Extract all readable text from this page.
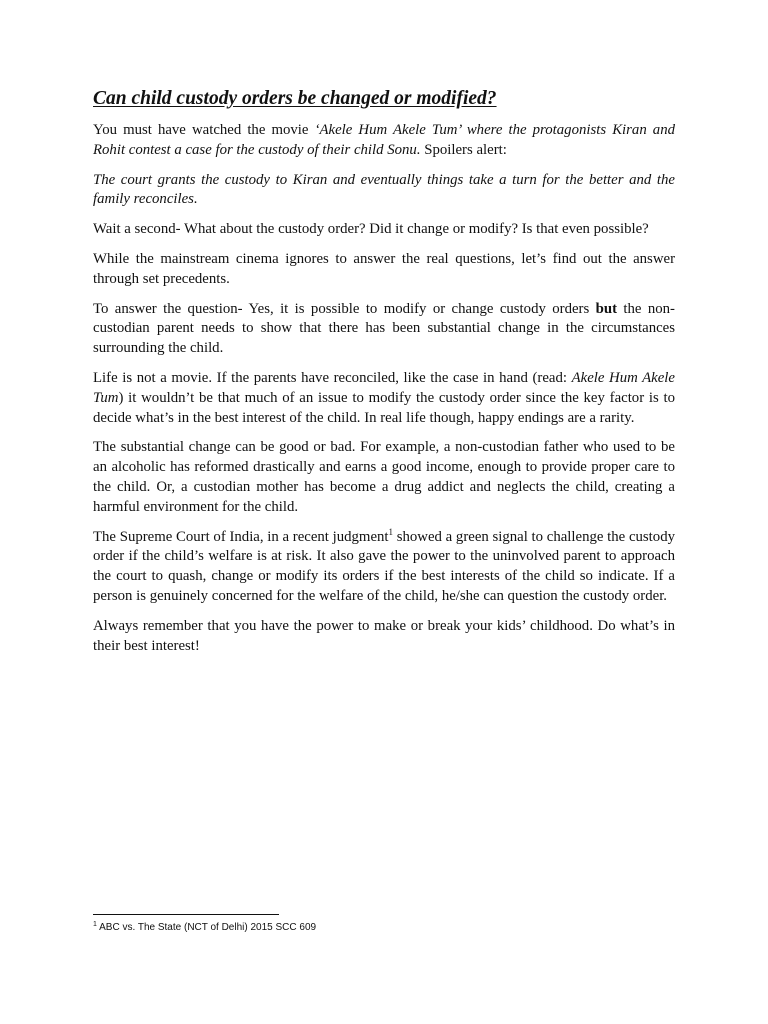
Can child custody orders be changed or modified?

You must have watched the movie ‘Akele Hum Akele Tum’ where the protagonists Kiran and Rohit contest a case for the custody of their child Sonu. Spoilers alert:

The court grants the custody to Kiran and eventually things take a turn for the better and the family reconciles.

Wait a second- What about the custody order? Did it change or modify? Is that even possible?

While the mainstream cinema ignores to answer the real questions, let’s find out the answer through set precedents.

To answer the question- Yes, it is possible to modify or change custody orders but the non-custodian parent needs to show that there has been substantial change in the circumstances surrounding the child.

Life is not a movie. If the parents have reconciled, like the case in hand (read: Akele Hum Akele Tum) it wouldn’t be that much of an issue to modify the custody order since the key factor is to decide what’s in the best interest of the child. In real life though, happy endings are a rarity.

The substantial change can be good or bad. For example, a non-custodian father who used to be an alcoholic has reformed drastically and earns a good income, enough to provide proper care to the child. Or, a custodian mother has become a drug addict and neglects the child, creating a harmful environment for the child.

The Supreme Court of India, in a recent judgment$^1$ showed a green signal to challenge the custody order if the child’s welfare is at risk. It also gave the power to the uninvolved parent to approach the court to quash, change or modify its orders if the best interests of the child so indicate. If a person is genuinely concerned for the welfare of the child, he/she can question the custody order.

Always remember that you have the power to make or break your kids’ childhood. Do what’s in their best interest!

$^1$ ABC vs. The State (NCT of Delhi) 2015 SCC 609
